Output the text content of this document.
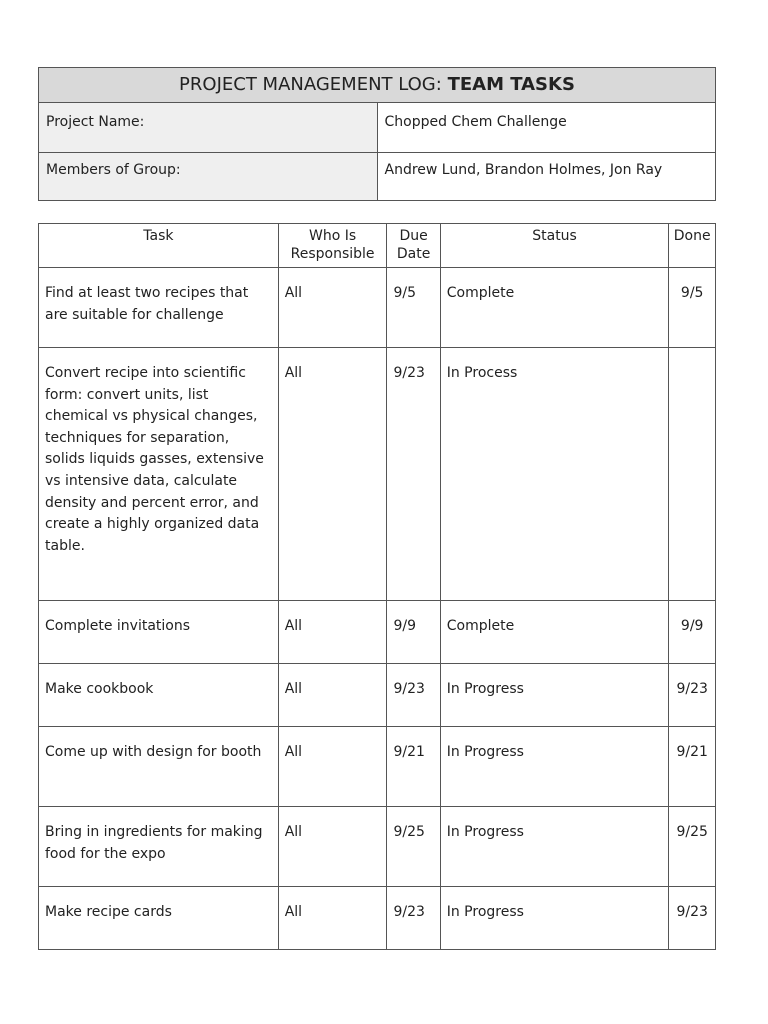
PROJECT MANAGEMENT LOG: TEAM TASKS	
Project Name:	Chopped Chem Challenge
Members of Group:	Andrew Lund, Brandon Holmes, Jon Ray
Task	Who Is Responsible	Due Date	Status	Done
Find at least two recipes that are suitable for challenge	All	9/5	Complete	9/5
Convert recipe into scientific form: convert units, list chemical vs physical changes, techniques for separation, solids liquids gasses, extensive vs intensive data, calculate density and percent error, and create a highly organized data table.	All	9/23	In Process	
Complete invitations	All	9/9	Complete	9/9
Make cookbook	All	9/23	In Progress	9/23
Come up with design for booth	All	9/21	In Progress	9/21
Bring in ingredients for making food for the expo	All	9/25	In Progress	9/25
Make recipe cards	All	9/23	In Progress	9/23
